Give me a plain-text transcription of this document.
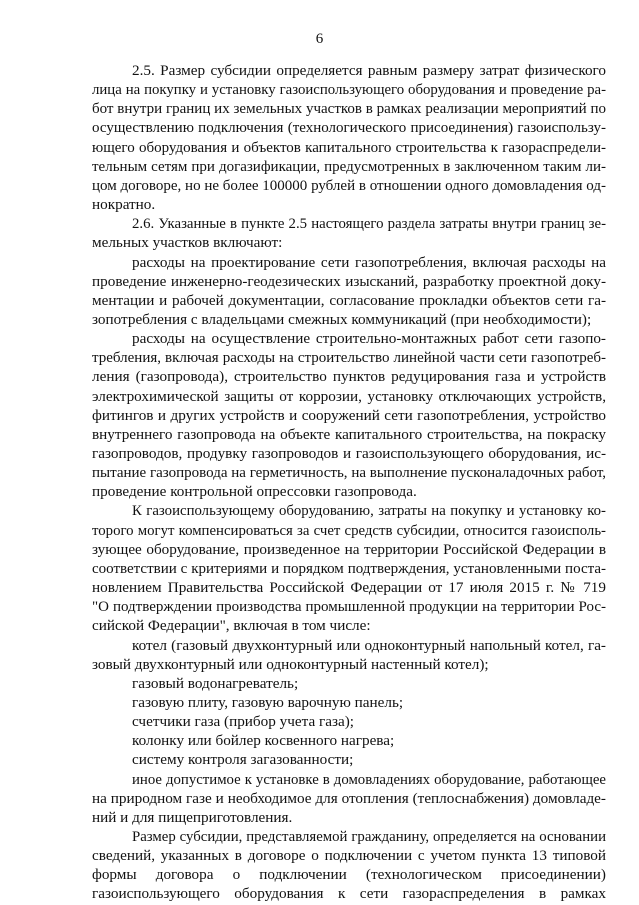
6
2.5. Размер субсидии определяется равным размеру затрат физического
лица на покупку и установку газоиспользующего оборудования и проведение ра-
бот внутри границ их земельных участков в рамках реализации мероприятий по
осуществлению подключения (технологического присоединения) газоиспользу-
ющего оборудования и объектов капитального строительства к газораспредели-
тельным сетям при догазификации, предусмотренных в заключенном таким ли-
цом договоре, но не более 100000 рублей в отношении одного домовладения од-
нократно.
2.6. Указанные в пункте 2.5 настоящего раздела затраты внутри границ зе-
мельных участков включают:
расходы на проектирование сети газопотребления, включая расходы на
проведение инженерно-геодезических изысканий, разработку проектной доку-
ментации и рабочей документации, согласование прокладки объектов сети га-
зопотребления с владельцами смежных коммуникаций (при необходимости);
расходы на осуществление строительно-монтажных работ сети газопо-
требления, включая расходы на строительство линейной части сети газопотреб-
ления (газопровода), строительство пунктов редуцирования газа и устройств
электрохимической защиты от коррозии, установку отключающих устройств,
фитингов и других устройств и сооружений сети газопотребления, устройство
внутреннего газопровода на объекте капитального строительства, на покраску
газопроводов, продувку газопроводов и газоиспользующего оборудования, ис-
пытание газопровода на герметичность, на выполнение пусконаладочных работ,
проведение контрольной опрессовки газопровода.
К газоиспользующему оборудованию, затраты на покупку и установку ко-
торого могут компенсироваться за счет средств субсидии, относится газоисполь-
зующее оборудование, произведенное на территории Российской Федерации в
соответствии с критериями и порядком подтверждения, установленными поста-
новлением Правительства Российской Федерации от 17 июля 2015 г. № 719
"О подтверждении производства промышленной продукции на территории Рос-
сийской Федерации", включая в том числе:
котел (газовый двухконтурный или одноконтурный напольный котел, га-
зовый двухконтурный или одноконтурный настенный котел);
газовый водонагреватель;
газовую плиту, газовую варочную панель;
счетчики газа (прибор учета газа);
колонку или бойлер косвенного нагрева;
систему контроля загазованности;
иное допустимое к установке в домовладениях оборудование, работающее
на природном газе и необходимое для отопления (теплоснабжения) домовладе-
ний и для пищеприготовления.
Размер субсидии, представляемой гражданину, определяется на основании
сведений, указанных в договоре о подключении с учетом пункта 13 типовой
формы договора о подключении (технологическом присоединении)
газоиспользующего оборудования к сети газораспределения в рамках
